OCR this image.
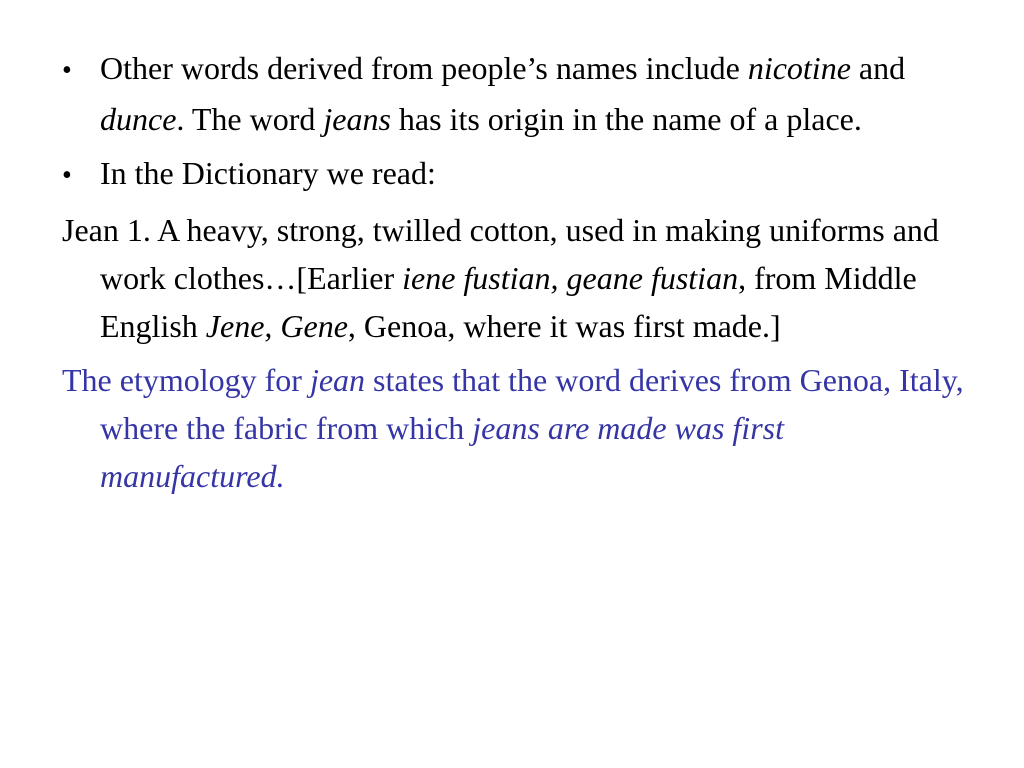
• Other words derived from people’s names include nicotine and dunce. The word jeans has its origin in the name of a place.

• In the Dictionary we read:

Jean 1. A heavy, strong, twilled cotton, used in making uniforms and work clothes…[Earlier iene fustian, geane fustian, from Middle English Jene, Gene, Genoa, where it was first made.]

The etymology for jean states that the word derives from Genoa, Italy, where the fabric from which jeans are made was first manufactured.
